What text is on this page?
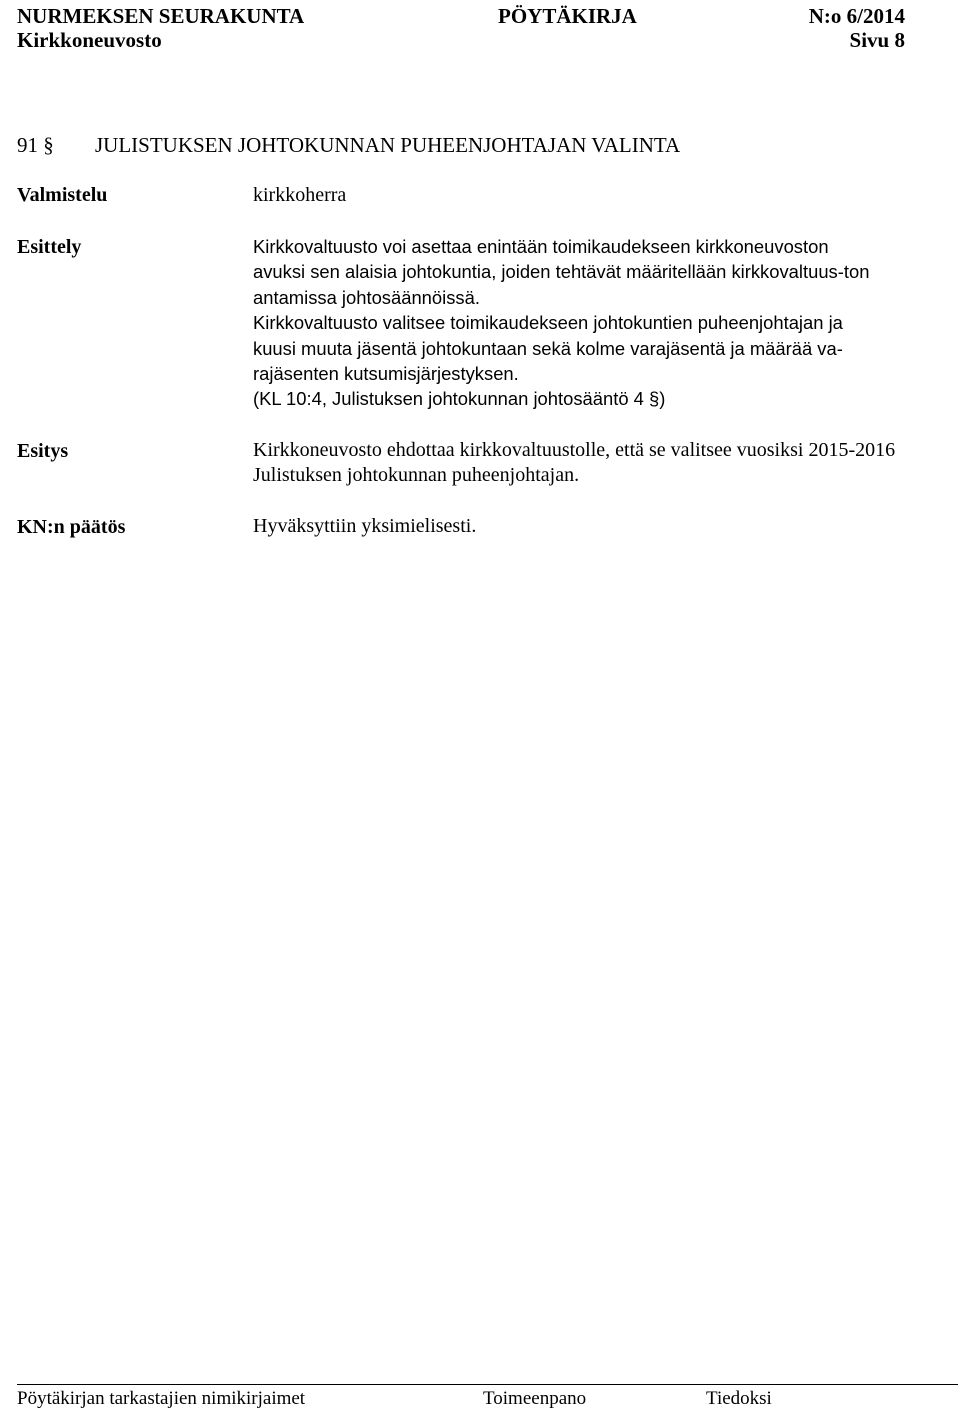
NURMEKSEN SEURAKUNTA	PÖYTÄKIRJA	N:o 6/2014
Kirkkoneuvosto	Sivu 8
91 § JULISTUKSEN JOHTOKUNNAN PUHEENJOHTAJAN VALINTA
Valmistelu	kirkkoherra
Esittely	Kirkkovaltuusto voi asettaa enintään toimikaudekseen kirkkoneuvoston

avuksi sen alaisia johtokuntia, joiden tehtävät määritellään kirkkovaltuus-ton

antamissa johtosäännöissä.

Kirkkovaltuusto valitsee toimikaudekseen johtokuntien puheenjohtajan ja

kuusi muuta jäsentä johtokuntaan sekä kolme varajäsentä ja määrää va-

rajäsenten kutsumisjärjestyksen.

(KL 10:4, Julistuksen johtokunnan johtosääntö 4 §)

Esitys	Kirkkoneuvosto ehdottaa kirkkovaltuustolle, että se valitsee vuosiksi 2015-2016 Julistuksen johtokunnan puheenjohtajan.
KN:n päätös	Hyväksyttiin yksimielisesti.
Pöytäkirjan tarkastajien nimikirjaimet	Toimeenpano	Tiedoksi
